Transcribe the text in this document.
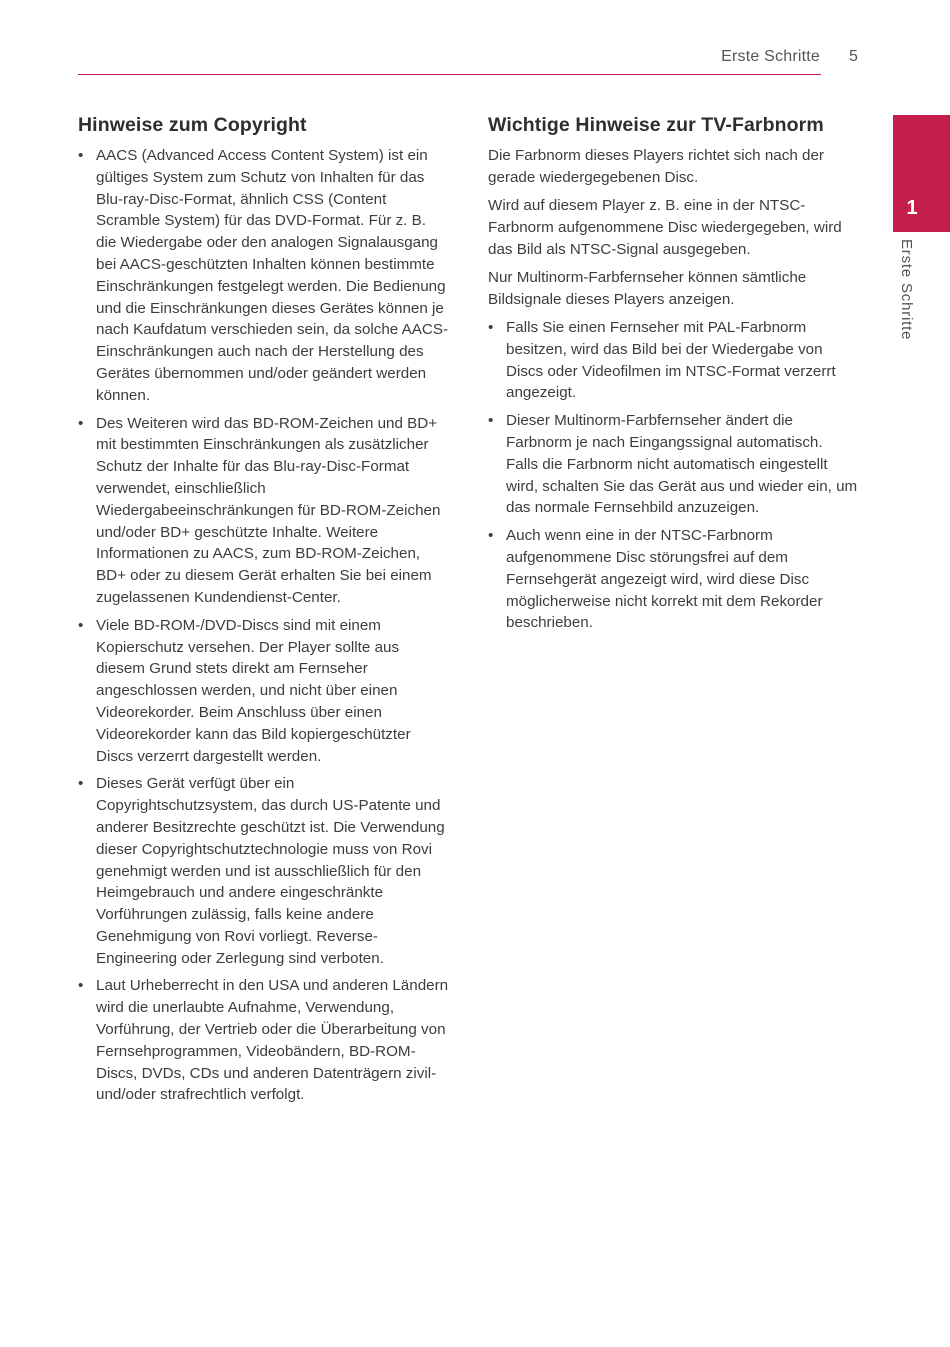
Erste Schritte 5
1
Erste Schritte
Hinweise zum Copyright
• AACS (Advanced Access Content System) ist ein gültiges System zum Schutz von Inhalten für das Blu-ray-Disc-Format, ähnlich CSS (Content Scramble System) für das DVD-Format. Für z. B. die Wiedergabe oder den analogen Signalausgang bei AACS-geschützten Inhalten können bestimmte Einschränkungen festgelegt werden. Die Bedienung und die Einschränkungen dieses Gerätes können je nach Kaufdatum verschieden sein, da solche AACS-Einschränkungen auch nach der Herstellung des Gerätes übernommen und/oder geändert werden können.
• Des Weiteren wird das BD-ROM-Zeichen und BD+ mit bestimmten Einschränkungen als zusätzlicher Schutz der Inhalte für das Blu-ray-Disc-Format verwendet, einschließlich Wiedergabeeinschränkungen für BD-ROM-Zeichen und/oder BD+ geschützte Inhalte. Weitere Informationen zu AACS, zum BD-ROM-Zeichen, BD+ oder zu diesem Gerät erhalten Sie bei einem zugelassenen Kundendienst-Center.
• Viele BD-ROM-/DVD-Discs sind mit einem Kopierschutz versehen. Der Player sollte aus diesem Grund stets direkt am Fernseher angeschlossen werden, und nicht über einen Videorekorder. Beim Anschluss über einen Videorekorder kann das Bild kopiergeschützter Discs verzerrt dargestellt werden.
• Dieses Gerät verfügt über ein Copyrightschutzsystem, das durch US-Patente und anderer Besitzrechte geschützt ist. Die Verwendung dieser Copyrightschutztechnologie muss von Rovi genehmigt werden und ist ausschließlich für den Heimgebrauch und andere eingeschränkte Vorführungen zulässig, falls keine andere Genehmigung von Rovi vorliegt. Reverse-Engineering oder Zerlegung sind verboten.
• Laut Urheberrecht in den USA und anderen Ländern wird die unerlaubte Aufnahme, Verwendung, Vorführung, der Vertrieb oder die Überarbeitung von Fernsehprogrammen, Videobändern, BD-ROM-Discs, DVDs, CDs und anderen Datenträgern zivil- und/oder strafrechtlich verfolgt.
Wichtige Hinweise zur TV-Farbnorm

Die Farbnorm dieses Players richtet sich nach der gerade wiedergegebenen Disc.

Wird auf diesem Player z. B. eine in der NTSC-Farbnorm aufgenommene Disc wiedergegeben, wird das Bild als NTSC-Signal ausgegeben.

Nur Multinorm-Farbfernseher können sämtliche Bildsignale dieses Players anzeigen.

• Falls Sie einen Fernseher mit PAL-Farbnorm besitzen, wird das Bild bei der Wiedergabe von Discs oder Videofilmen im NTSC-Format verzerrt angezeigt.
• Dieser Multinorm-Farbfernseher ändert die Farbnorm je nach Eingangssignal automatisch. Falls die Farbnorm nicht automatisch eingestellt wird, schalten Sie das Gerät aus und wieder ein, um das normale Fernsehbild anzuzeigen.
• Auch wenn eine in der NTSC-Farbnorm aufgenommene Disc störungsfrei auf dem Fernsehgerät angezeigt wird, wird diese Disc möglicherweise nicht korrekt mit dem Rekorder beschrieben.
